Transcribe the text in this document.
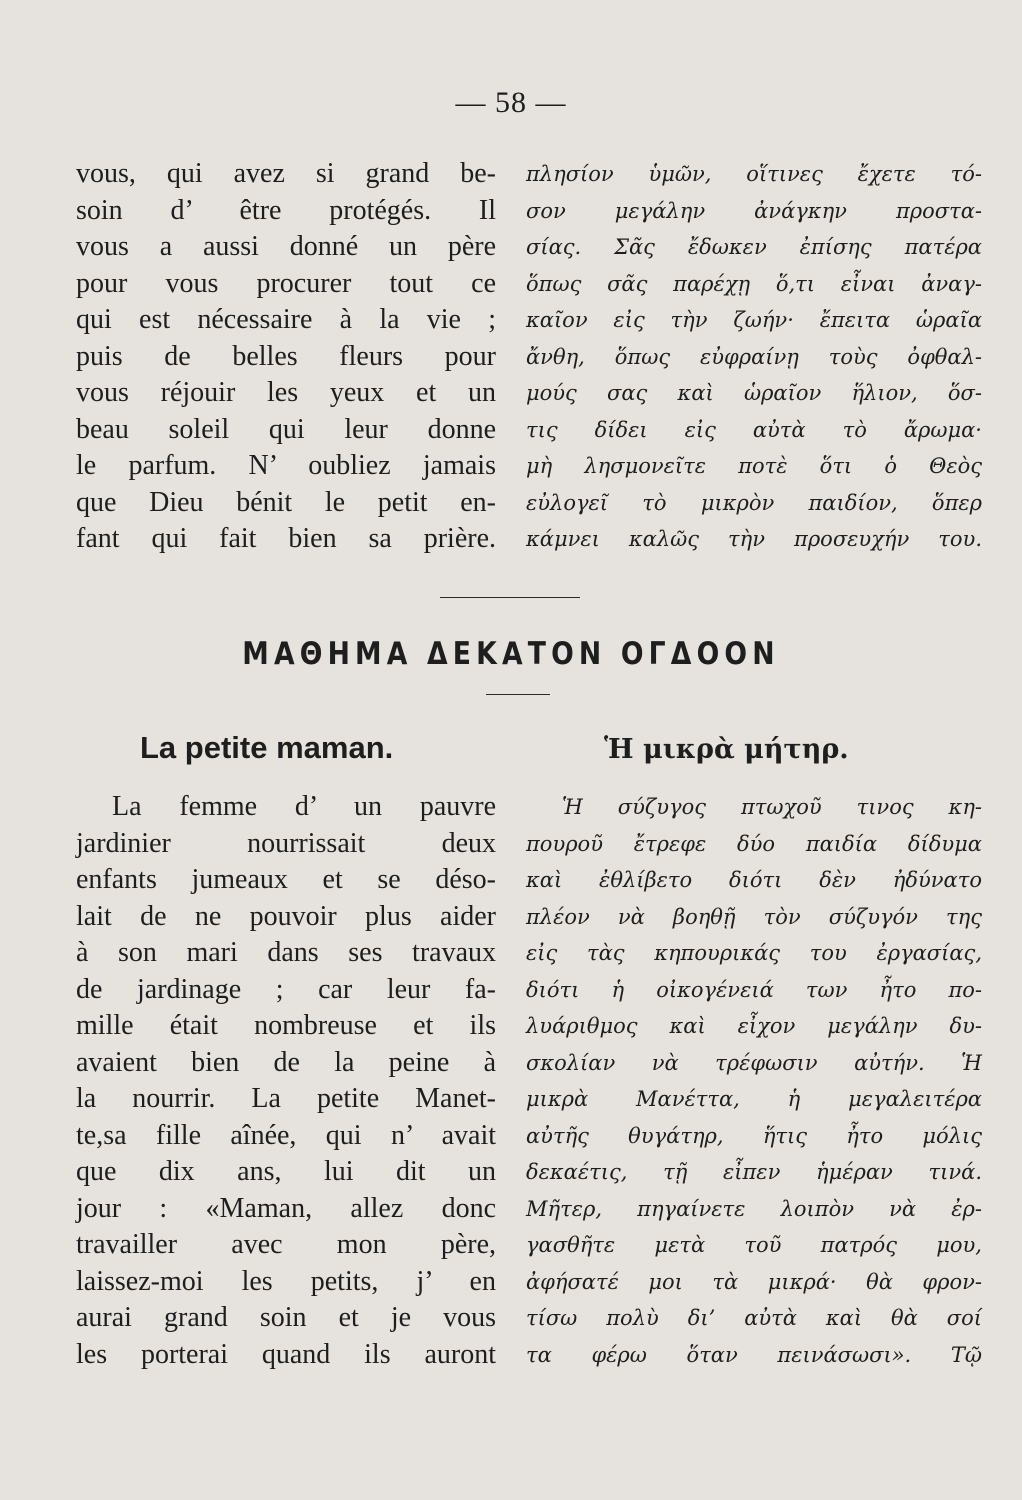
— 58 —
vous, qui avez si grand be-
soin d’ être protégés. Il
vous a aussi donné un père
pour vous procurer tout ce
qui est nécessaire à la vie ;
puis de belles fleurs pour
vous réjouir les yeux et un
beau soleil qui leur donne
le parfum. N’ oubliez jamais
que Dieu bénit le petit en-
fant qui fait bien sa prière.
πλησίον ὑμῶν, οἵτινες ἔχετε τό-
σον μεγάλην ἀνάγκην προστα-
σίας. Σᾶς ἔδωκεν ἐπίσης πατέρα
ὅπως σᾶς παρέχῃ ὅ,τι εἶναι ἀναγ-
καῖον εἰς τὴν ζωήν· ἔπειτα ὡραῖα
ἄνθη, ὅπως εὐφραίνῃ τοὺς ὀφθαλ-
μούς σας καὶ ὡραῖον ἥλιον, ὅσ-
τις δίδει εἰς αὐτὰ τὸ ἄρωμα·
μὴ λησμονεῖτε ποτὲ ὅτι ὁ Θεὸς
εὐλογεῖ τὸ μικρὸν παιδίον, ὅπερ
κάμνει καλῶς τὴν προσευχήν του.
ΜΑΘΗΜΑ ΔΕΚΑΤΟΝ ΟΓΔΟΟΝ
La petite maman.	Ἡ μικρὰ μήτηρ.
La femme d’ un pauvre
jardinier nourrissait deux
enfants jumeaux et se déso-
lait de ne pouvoir plus aider
à son mari dans ses travaux
de jardinage ; car leur fa-
mille était nombreuse et ils
avaient bien de la peine à
la nourrir. La petite Manet-
te,sa fille aînée, qui n’ avait
que dix ans, lui dit un
jour : «Maman, allez donc
travailler avec mon père,
laissez-moi les petits, j’ en
aurai grand soin et je vous
les porterai quand ils auront
Ἡ σύζυγος πτωχοῦ τινος κη-
πουροῦ ἔτρεφε δύο παιδία δίδυμα
καὶ ἐθλίβετο διότι δὲν ἠδύνατο
πλέον νὰ βοηθῇ τὸν σύζυγόν της
εἰς τὰς κηπουρικάς του ἐργασίας,
διότι ἡ οἰκογένειά των ἦτο πο-
λυάριθμος καὶ εἶχον μεγάλην δυ-
σκολίαν νὰ τρέφωσιν αὐτήν. Ἡ
μικρὰ Μανέττα, ἡ μεγαλειτέρα
αὐτῆς θυγάτηρ, ἥτις ἦτο μόλις
δεκαέτις, τῇ εἶπεν ἡμέραν τινά.
Μῆτερ, πηγαίνετε λοιπὸν νὰ ἐρ-
γασθῆτε μετὰ τοῦ πατρός μου,
ἀφήσατέ μοι τὰ μικρά· θὰ φρον-
τίσω πολὺ δι’ αὐτὰ καὶ θὰ σοί
τα φέρω ὅταν πεινάσωσι». Τῷ
